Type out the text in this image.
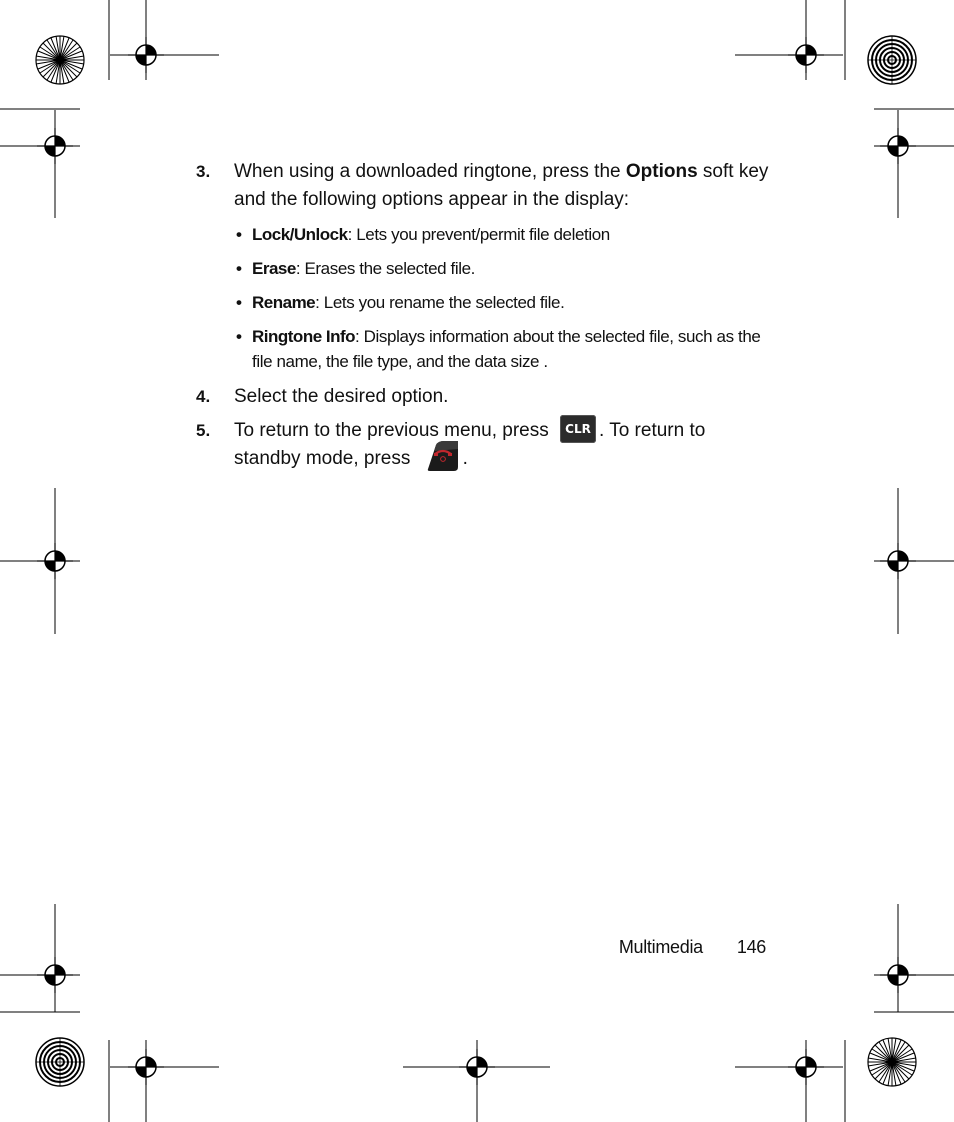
3. When using a downloaded ringtone, press the Options soft key and the following options appear in the display:
• Lock/Unlock: Lets you prevent/permit file deletion
• Erase: Erases the selected file.
• Rename: Lets you rename the selected file.
• Ringtone Info: Displays information about the selected file, such as the file name, the file type, and the data size .
4. Select the desired option.
5. To return to the previous menu, press CLR . To return to standby mode, press .
Multimedia 146
